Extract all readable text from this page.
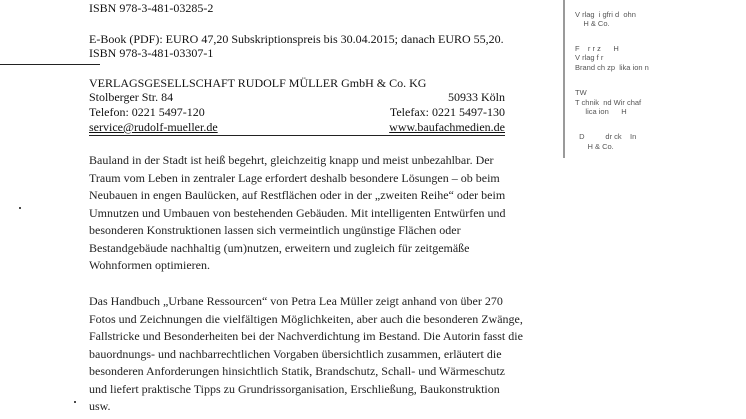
ISBN 978-3-481-03285-2
E-Book (PDF): EURO 47,20 Subskriptionspreis bis 30.04.2015; danach EURO 55,20.
ISBN 978-3-481-03307-1
VERLAGSGESELLSCHAFT RUDOLF MÜLLER GmbH & Co. KG
Stolberger Str. 84	50933 Köln
Telefon: 0221 5497-120	Telefax: 0221 5497-130
service@rudolf-mueller.de	www.baufachmedien.de
Bauland in der Stadt ist heiß begehrt, gleichzeitig knapp und meist unbezahlbar. Der
Traum vom Leben in zentraler Lage erfordert deshalb besondere Lösungen – ob beim
Neubauen in engen Baulücken, auf Restflächen oder in der „zweiten Reihe“ oder beim
Umnutzen und Umbauen von bestehenden Gebäuden. Mit intelligenten Entwürfen und
besonderen Konstruktionen lassen sich vermeintlich ungünstige Flächen oder
Bestandgebäude nachhaltig (um)nutzen, erweitern und zugleich für zeitgemäße
Wohnformen optimieren.
Das Handbuch „Urbane Ressourcen“ von Petra Lea Müller zeigt anhand von über 270
Fotos und Zeichnungen die vielfältigen Möglichkeiten, aber auch die besonderen Zwänge,
Fallstricke und Besonderheiten bei der Nachverdichtung im Bestand. Die Autorin fasst die
bauordnungs- und nachbarrechtlichen Vorgaben übersichtlich zusammen, erläutert die
besonderen Anforderungen hinsichtlich Statik, Brandschutz, Schall- und Wärmeschutz
und liefert praktische Tipps zu Grundrissorganisation, Erschließung, Baukonstruktion
usw.
V rlag  i gfri d  ohn
H & Co.
F    r r z      H
V rlag f r
Brand ch zp  lika ion n
TW
T chnik  nd Wir chaf
lica ion      H
D          dr ck    In
H & Co.
